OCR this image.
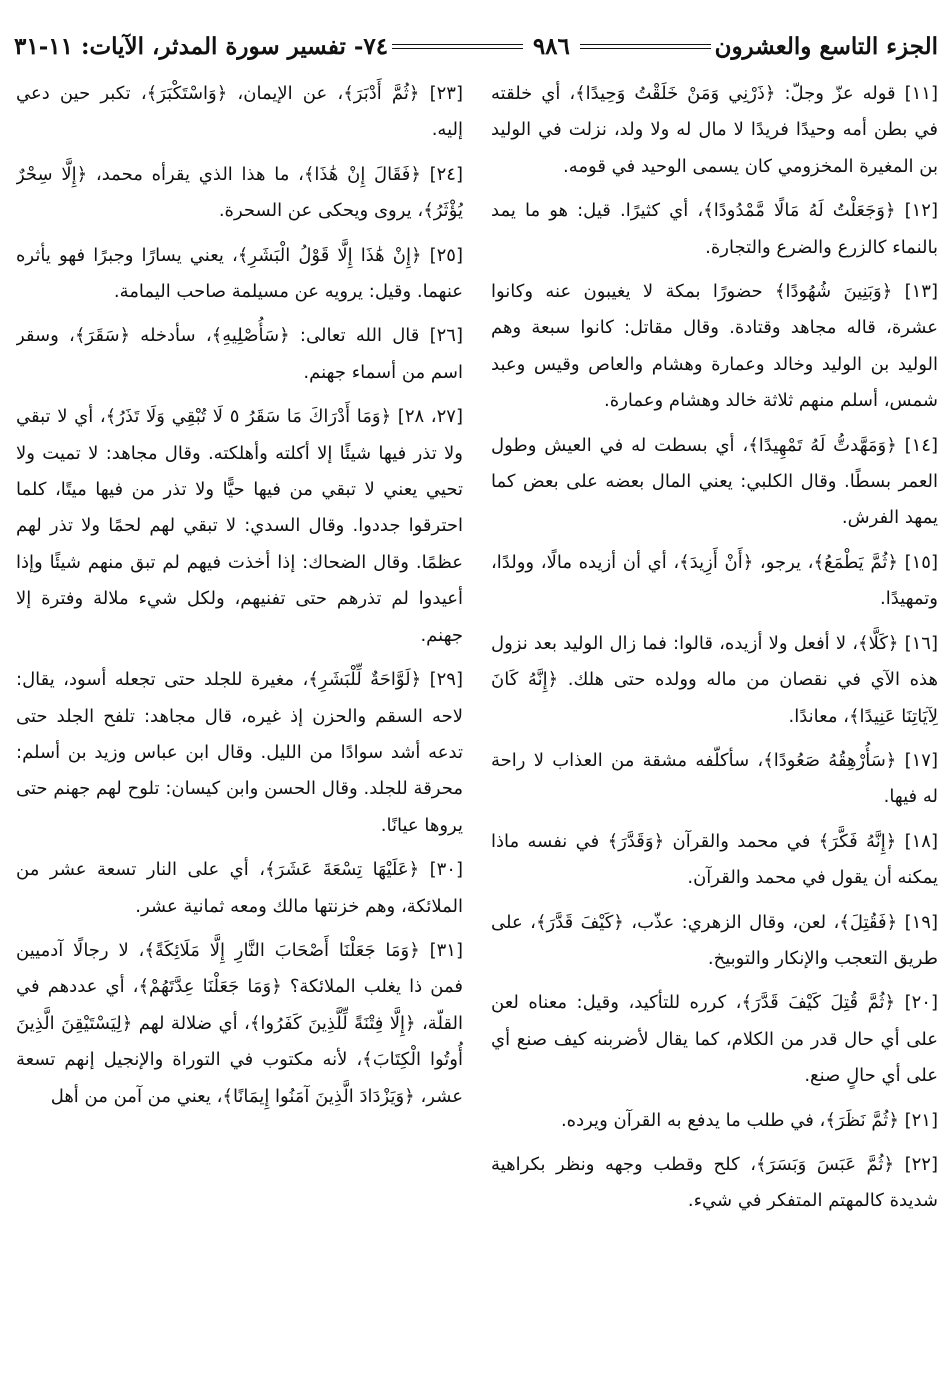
٧٤- تفسير سورة المدثر، الآيات: ١١-٣١	٩٨٦	الجزء التاسع والعشرون

[١١] قوله عزّ وجلّ: ﴿ذَرْنِي وَمَنْ خَلَقْتُ وَحِيدًا﴾، أي خلقته في بطن أمه وحيدًا فريدًا لا مال له ولا ولد، نزلت في الوليد بن المغيرة المخزومي كان يسمى الوحيد في قومه.

[١٢] ﴿وَجَعَلْتُ لَهُ مَالًا مَّمْدُودًا﴾، أي كثيرًا. قيل: هو ما يمد بالنماء كالزرع والضرع والتجارة.

[١٣] ﴿وَبَنِينَ شُهُودًا﴾ حضورًا بمكة لا يغيبون عنه وكانوا عشرة، قاله مجاهد وقتادة. وقال مقاتل: كانوا سبعة وهم الوليد بن الوليد وخالد وعمارة وهشام والعاص وقيس وعبد شمس، أسلم منهم ثلاثة خالد وهشام وعمارة.

[١٤] ﴿وَمَهَّدتُّ لَهُ تَمْهِيدًا﴾، أي بسطت له في العيش وطول العمر بسطًا. وقال الكلبي: يعني المال بعضه على بعض كما يمهد الفرش.

[١٥] ﴿ثُمَّ يَطْمَعُ﴾، يرجو، ﴿أَنْ أَزِيدَ﴾، أي أن أزيده مالًا، وولدًا، وتمهيدًا.

[١٦] ﴿كَلَّا﴾، لا أفعل ولا أزيده، قالوا: فما زال الوليد بعد نزول هذه الآي في نقصان من ماله وولده حتى هلك. ﴿إِنَّهُ كَانَ لِآيَاتِنَا عَنِيدًا﴾، معاندًا.

[١٧] ﴿سَأُرْهِقُهُ صَعُودًا﴾، سأكلّفه مشقة من العذاب لا راحة له فيها.

[١٨] ﴿إِنَّهُ فَكَّرَ﴾ في محمد والقرآن ﴿وَقَدَّرَ﴾ في نفسه ماذا يمكنه أن يقول في محمد والقرآن.

[١٩] ﴿فَقُتِلَ﴾، لعن، وقال الزهري: عذّب، ﴿كَيْفَ قَدَّرَ﴾، على طريق التعجب والإنكار والتوبيخ.

[٢٠] ﴿ثُمَّ قُتِلَ كَيْفَ قَدَّرَ﴾، كرره للتأكيد، وقيل: معناه لعن على أي حال قدر من الكلام، كما يقال لأضربنه كيف صنع أي على أي حالٍ صنع.

[٢١] ﴿ثُمَّ نَظَرَ﴾، في طلب ما يدفع به القرآن ويرده.

[٢٢] ﴿ثُمَّ عَبَسَ وَبَسَرَ﴾، كلح وقطب وجهه ونظر بكراهية شديدة كالمهتم المتفكر في شيء.

[٢٣] ﴿ثُمَّ أَدْبَرَ﴾، عن الإيمان، ﴿وَاسْتَكْبَرَ﴾، تكبر حين دعي إليه.

[٢٤] ﴿فَقَالَ إِنْ هَٰذَا﴾، ما هذا الذي يقرأه محمد، ﴿إِلَّا سِحْرٌ يُؤْثَرُ﴾، يروى ويحكى عن السحرة.

[٢٥] ﴿إِنْ هَٰذَا إِلَّا قَوْلُ الْبَشَرِ﴾، يعني يسارًا وجبرًا فهو يأثره عنهما. وقيل: يرويه عن مسيلمة صاحب اليمامة.

[٢٦] قال الله تعالى: ﴿سَأُصْلِيهِ﴾، سأدخله ﴿سَقَرَ﴾، وسقر اسم من أسماء جهنم.

[٢٧، ٢٨] ﴿وَمَا أَدْرَاكَ مَا سَقَرُ ٥ لَا تُبْقِي وَلَا تَذَرُ﴾، أي لا تبقي ولا تذر فيها شيئًا إلا أكلته وأهلكته. وقال مجاهد: لا تميت ولا تحيي يعني لا تبقي من فيها حيًّا ولا تذر من فيها ميتًا، كلما احترقوا جددوا. وقال السدي: لا تبقي لهم لحمًا ولا تذر لهم عظمًا. وقال الضحاك: إذا أخذت فيهم لم تبق منهم شيئًا وإذا أعيدوا لم تذرهم حتى تفنيهم، ولكل شيء ملالة وفترة إلا جهنم.

[٢٩] ﴿لَوَّاحَةٌ لِّلْبَشَرِ﴾، مغيرة للجلد حتى تجعله أسود، يقال: لاحه السقم والحزن إذ غيره، قال مجاهد: تلفح الجلد حتى تدعه أشد سوادًا من الليل. وقال ابن عباس وزيد بن أسلم: محرقة للجلد. وقال الحسن وابن كيسان: تلوح لهم جهنم حتى يروها عيانًا.

[٣٠] ﴿عَلَيْهَا تِسْعَةَ عَشَرَ﴾، أي على النار تسعة عشر من الملائكة، وهم خزنتها مالك ومعه ثمانية عشر.

[٣١] ﴿وَمَا جَعَلْنَا أَصْحَابَ النَّارِ إِلَّا مَلَائِكَةً﴾، لا رجالًا آدميين فمن ذا يغلب الملائكة؟ ﴿وَمَا جَعَلْنَا عِدَّتَهُمْ﴾، أي عددهم في القلّة، ﴿إِلَّا فِتْنَةً لِّلَّذِينَ كَفَرُوا﴾، أي ضلالة لهم ﴿لِيَسْتَيْقِنَ الَّذِينَ أُوتُوا الْكِتَابَ﴾، لأنه مكتوب في التوراة والإنجيل إنهم تسعة عشر، ﴿وَيَزْدَادَ الَّذِينَ آمَنُوا إِيمَانًا﴾، يعني من آمن من أهل
